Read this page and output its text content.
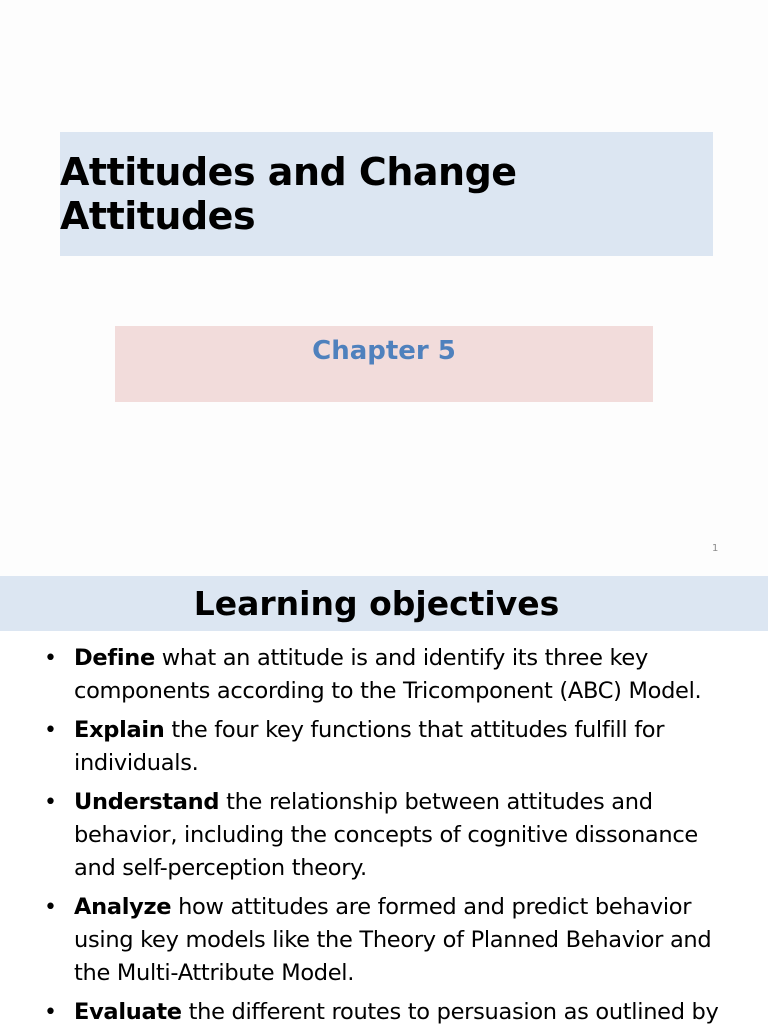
Attitudes and Change Attitudes
Chapter 5
1
Learning objectives
• Define what an attitude is and identify its three key components according to the Tricomponent (ABC) Model.
• Explain the four key functions that attitudes fulfill for individuals.
• Understand the relationship between attitudes and behavior, including the concepts of cognitive dissonance and self-perception theory.
• Analyze how attitudes are formed and predict behavior using key models like the Theory of Planned Behavior and the Multi-Attribute Model.
• Evaluate the different routes to persuasion as outlined by
